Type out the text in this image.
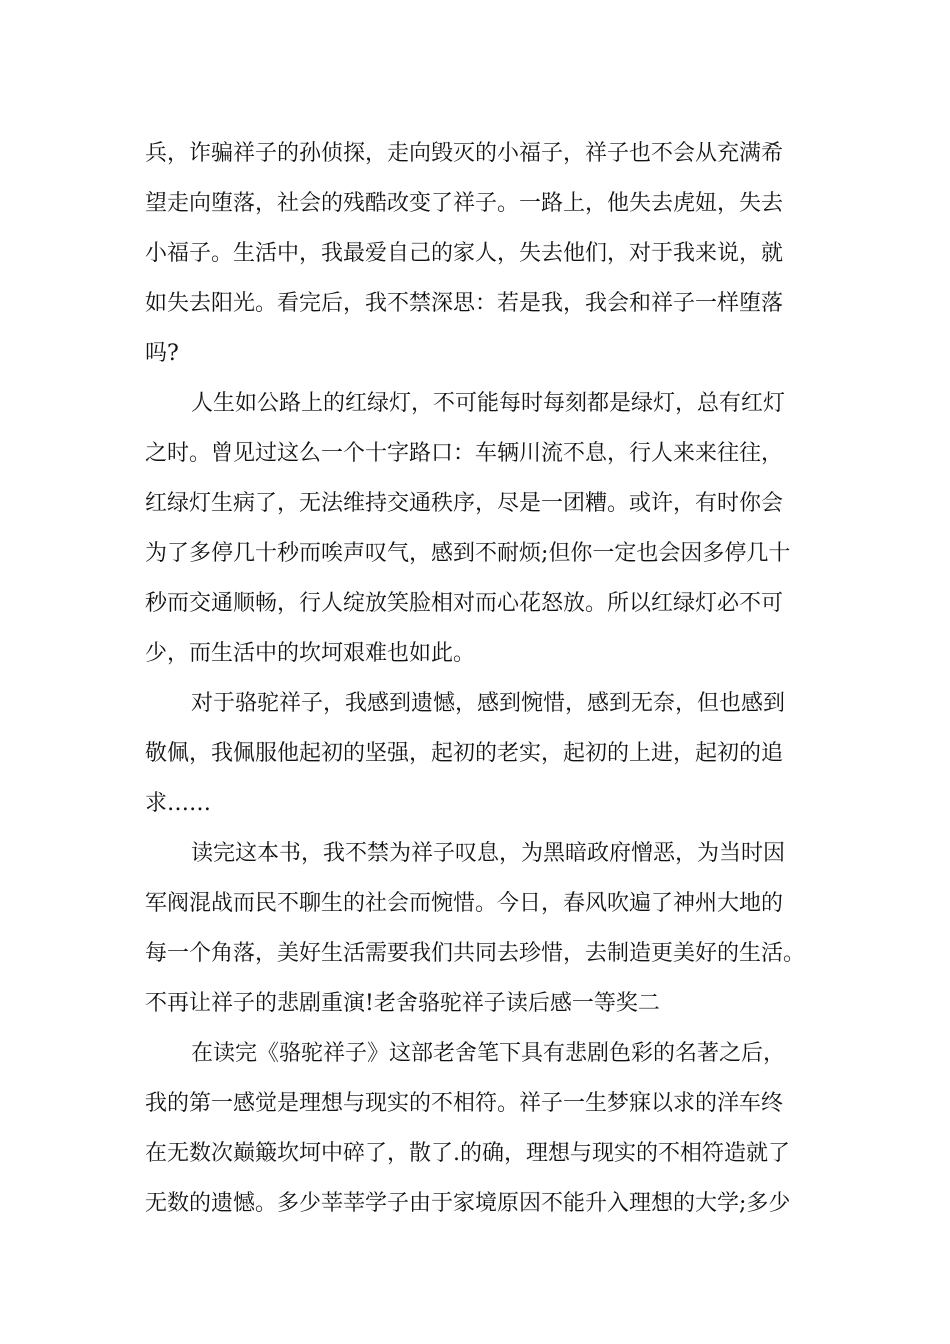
兵，诈骗祥子的孙侦探，走向毁灭的小福子，祥子也不会从充满希
望走向堕落，社会的残酷改变了祥子。一路上，他失去虎妞，失去
小福子。生活中，我最爱自己的家人，失去他们，对于我来说，就
如失去阳光。看完后，我不禁深思：若是我，我会和祥子一样堕落
吗?
人生如公路上的红绿灯，不可能每时每刻都是绿灯，总有红灯
之时。曾见过这么一个十字路口：车辆川流不息，行人来来往往，
红绿灯生病了，无法维持交通秩序，尽是一团糟。或许，有时你会
为了多停几十秒而唉声叹气，感到不耐烦;但你一定也会因多停几十
秒而交通顺畅，行人绽放笑脸相对而心花怒放。所以红绿灯必不可
少，而生活中的坎坷艰难也如此。
对于骆驼祥子，我感到遗憾，感到惋惜，感到无奈，但也感到
敬佩，我佩服他起初的坚强，起初的老实，起初的上进，起初的追
求……
读完这本书，我不禁为祥子叹息，为黑暗政府憎恶，为当时因
军阀混战而民不聊生的社会而惋惜。今日，春风吹遍了神州大地的
每一个角落，美好生活需要我们共同去珍惜，去制造更美好的生活。
不再让祥子的悲剧重演!老舍骆驼祥子读后感一等奖二
在读完《骆驼祥子》这部老舍笔下具有悲剧色彩的名著之后，
我的第一感觉是理想与现实的不相符。祥子一生梦寐以求的洋车终
在无数次巅簸坎坷中碎了，散了.的确，理想与现实的不相符造就了
无数的遗憾。多少莘莘学子由于家境原因不能升入理想的大学;多少
